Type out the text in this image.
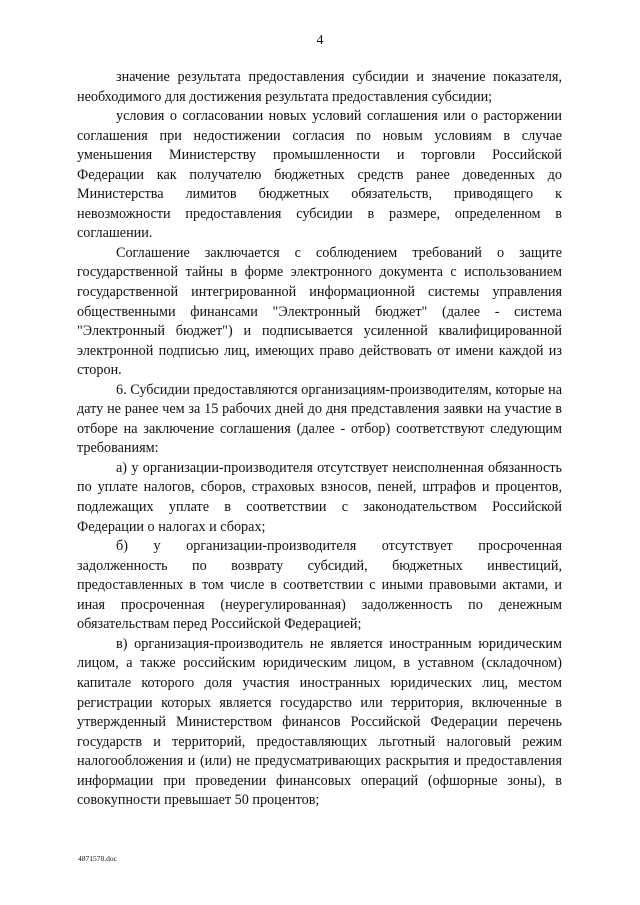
4

значение результата предоставления субсидии и значение показателя, необходимого для достижения результата предоставления субсидии;

условия о согласовании новых условий соглашения или о расторжении соглашения при недостижении согласия по новым условиям в случае уменьшения Министерству промышленности и торговли Российской Федерации как получателю бюджетных средств ранее доведенных до Министерства лимитов бюджетных обязательств, приводящего к невозможности предоставления субсидии в размере, определенном в соглашении.

Соглашение заключается с соблюдением требований о защите государственной тайны в форме электронного документа с использованием государственной интегрированной информационной системы управления общественными финансами "Электронный бюджет" (далее - система "Электронный бюджет") и подписывается усиленной квалифицированной электронной подписью лиц, имеющих право действовать от имени каждой из сторон.

6. Субсидии предоставляются организациям-производителям, которые на дату не ранее чем за 15 рабочих дней до дня представления заявки на участие в отборе на заключение соглашения (далее - отбор) соответствуют следующим требованиям:

а) у организации-производителя отсутствует неисполненная обязанность по уплате налогов, сборов, страховых взносов, пеней, штрафов и процентов, подлежащих уплате в соответствии с законодательством Российской Федерации о налогах и сборах;

б) у организации-производителя отсутствует просроченная задолженность по возврату субсидий, бюджетных инвестиций, предоставленных в том числе в соответствии с иными правовыми актами, и иная просроченная (неурегулированная) задолженность по денежным обязательствам перед Российской Федерацией;

в) организация-производитель не является иностранным юридическим лицом, а также российским юридическим лицом, в уставном (складочном) капитале которого доля участия иностранных юридических лиц, местом регистрации которых является государство или территория, включенные в утвержденный Министерством финансов Российской Федерации перечень государств и территорий, предоставляющих льготный налоговый режим налогообложения и (или) не предусматривающих раскрытия и предоставления информации при проведении финансовых операций (офшорные зоны), в совокупности превышает 50 процентов;

4871578.doc
